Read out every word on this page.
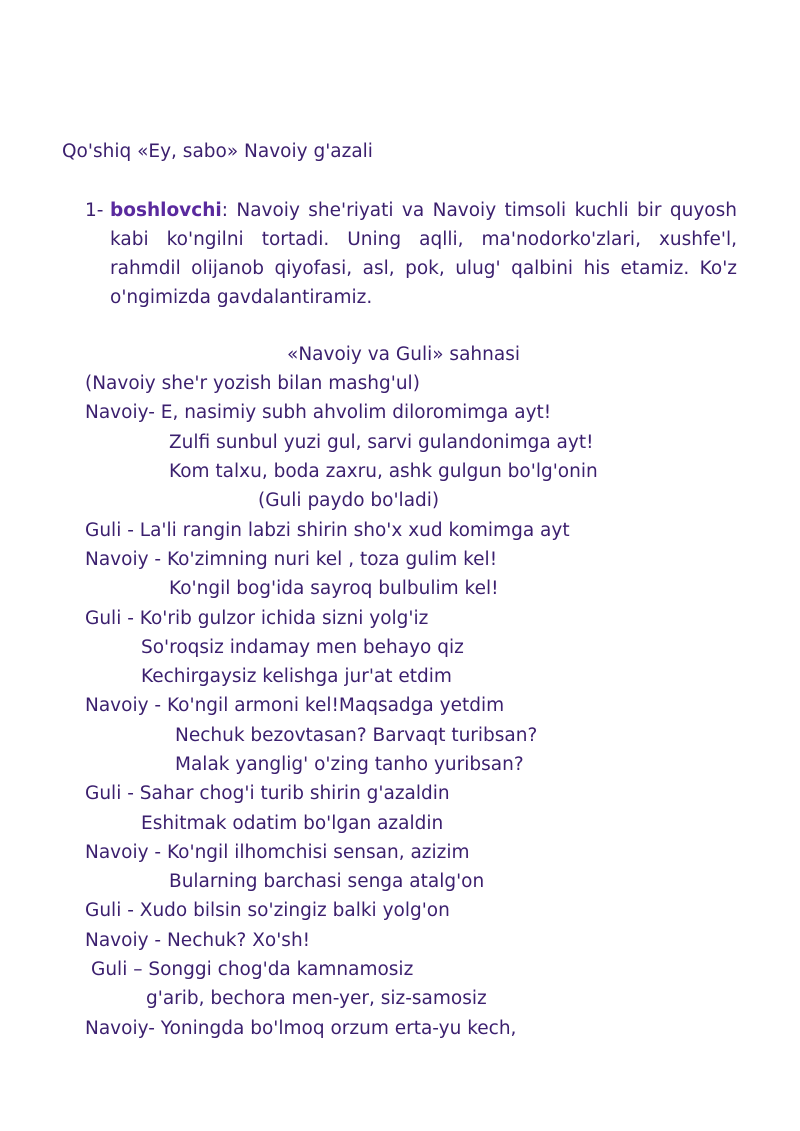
Qo'shiq «Ey, sabo» Navoiy g'azali
1- boshlovchi: Navoiy she'riyati va Navoiy timsoli kuchli bir quyosh kabi ko'ngilni tortadi. Uning aqlli, ma'nodorko'zlari, xushfe'l, rahmdil olijanob qiyofasi, asl, pok, ulug' qalbini his etamiz. Ko'z o'ngimizda gavdalantiramiz.
«Navoiy va Guli» sahnasi
(Navoiy she'r yozish bilan mashg'ul)
Navoiy- E, nasimiy subh ahvolim diloromimga ayt!
Zulfi sunbul yuzi gul, sarvi gulandonimga ayt!
Kom talxu, boda zaxru, ashk gulgun bo'lg'onin
(Guli paydo bo'ladi)
Guli - La'li rangin labzi shirin sho'x xud komimga ayt
Navoiy - Ko'zimning nuri kel , toza gulim kel!
Ko'ngil bog'ida sayroq bulbulim kel!
Guli - Ko'rib gulzor ichida sizni yolg'iz
So'roqsiz indamay men behayo qiz
Kechirgaysiz kelishga jur'at etdim
Navoiy - Ko'ngil armoni kel!Maqsadga yetdim
Nechuk bezovtasan? Barvaqt turibsan?
Malak yanglig' o'zing tanho yuribsan?
Guli - Sahar chog'i turib shirin g'azaldin
Eshitmak odatim bo'lgan azaldin
Navoiy - Ko'ngil ilhomchisi sensan, azizim
Bularning barchasi senga atalg'on
Guli - Xudo bilsin so'zingiz balki yolg'on
Navoiy - Nechuk? Xo'sh!
Guli – Songgi chog'da kamnamosiz
g'arib, bechora men-yer, siz-samosiz
Navoiy- Yoningda bo'lmoq orzum erta-yu kech,
